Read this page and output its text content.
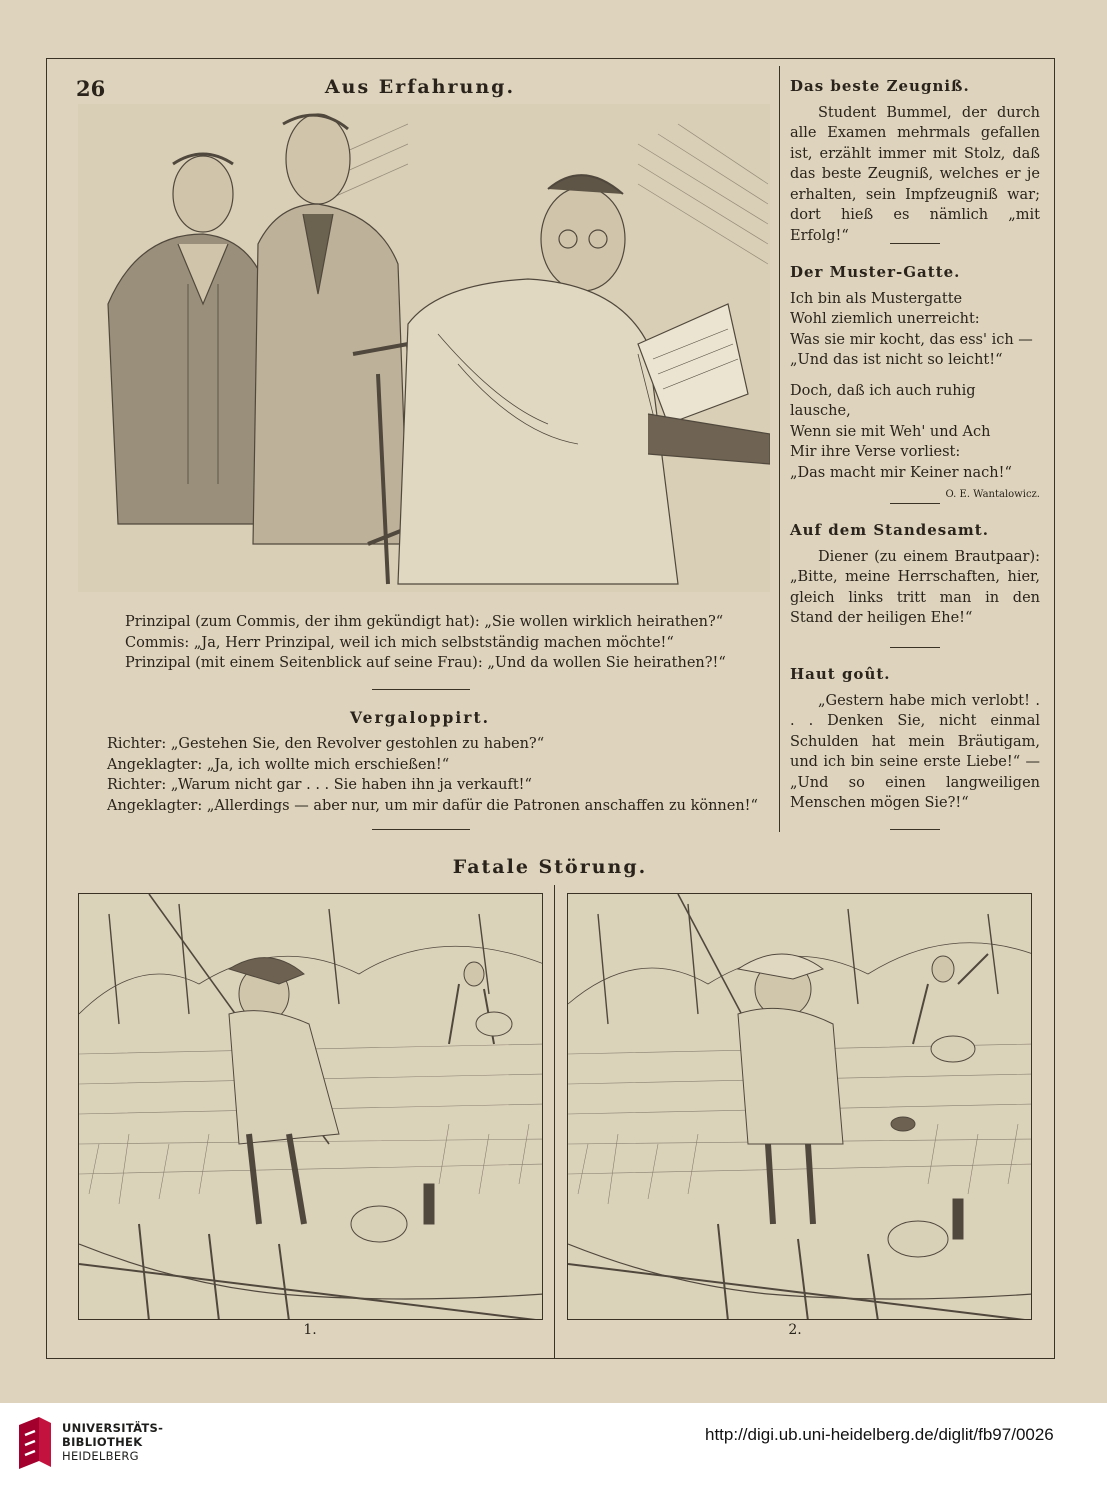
26	Aus Erfahrung.
Prinzipal (zum Commis, der ihm gekündigt hat): „Sie wollen wirklich heirathen?“
Commis: „Ja, Herr Prinzipal, weil ich mich selbstständig machen möchte!“
Prinzipal (mit einem Seitenblick auf seine Frau): „Und da wollen Sie heirathen?!“
Vergaloppirt.
Richter: „Gestehen Sie, den Revolver gestohlen zu haben?“
Angeklagter: „Ja, ich wollte mich erschießen!“
Richter: „Warum nicht gar . . . Sie haben ihn ja verkauft!“
Angeklagter: „Allerdings — aber nur, um mir dafür die Patronen anschaffen zu können!“

Das beste Zeugniß.

Student Bummel, der durch alle Examen mehrmals gefallen ist, erzählt immer mit Stolz, daß das beste Zeugniß, welches er je erhalten, sein Impfzeugniß war; dort hieß es nämlich „mit Erfolg!“

Der Muster-Gatte.

Ich bin als Mustergatte
Wohl ziemlich unerreicht:
Was sie mir kocht, das ess' ich —
„Und das ist nicht so leicht!“
Doch, daß ich auch ruhig lausche,
Wenn sie mit Weh' und Ach
Mir ihre Verse vorliest:
„Das macht mir Keiner nach!“
O. E. Wantalowicz.

Auf dem Standesamt.

Diener (zu einem Brautpaar): „Bitte, meine Herrschaften, hier, gleich links tritt man in den Stand der heiligen Ehe!“

Haut goût.

„Gestern habe mich verlobt! . . . Denken Sie, nicht einmal Schulden hat mein Bräutigam, und ich bin seine erste Liebe!“ — „Und so einen langweiligen Menschen mögen Sie?!“

Fatale Störung.
1.	2.
UNIVERSITÄTS-
BIBLIOTHEK
HEIDELBERG
http://digi.ub.uni-heidelberg.de/diglit/fb97/0026
